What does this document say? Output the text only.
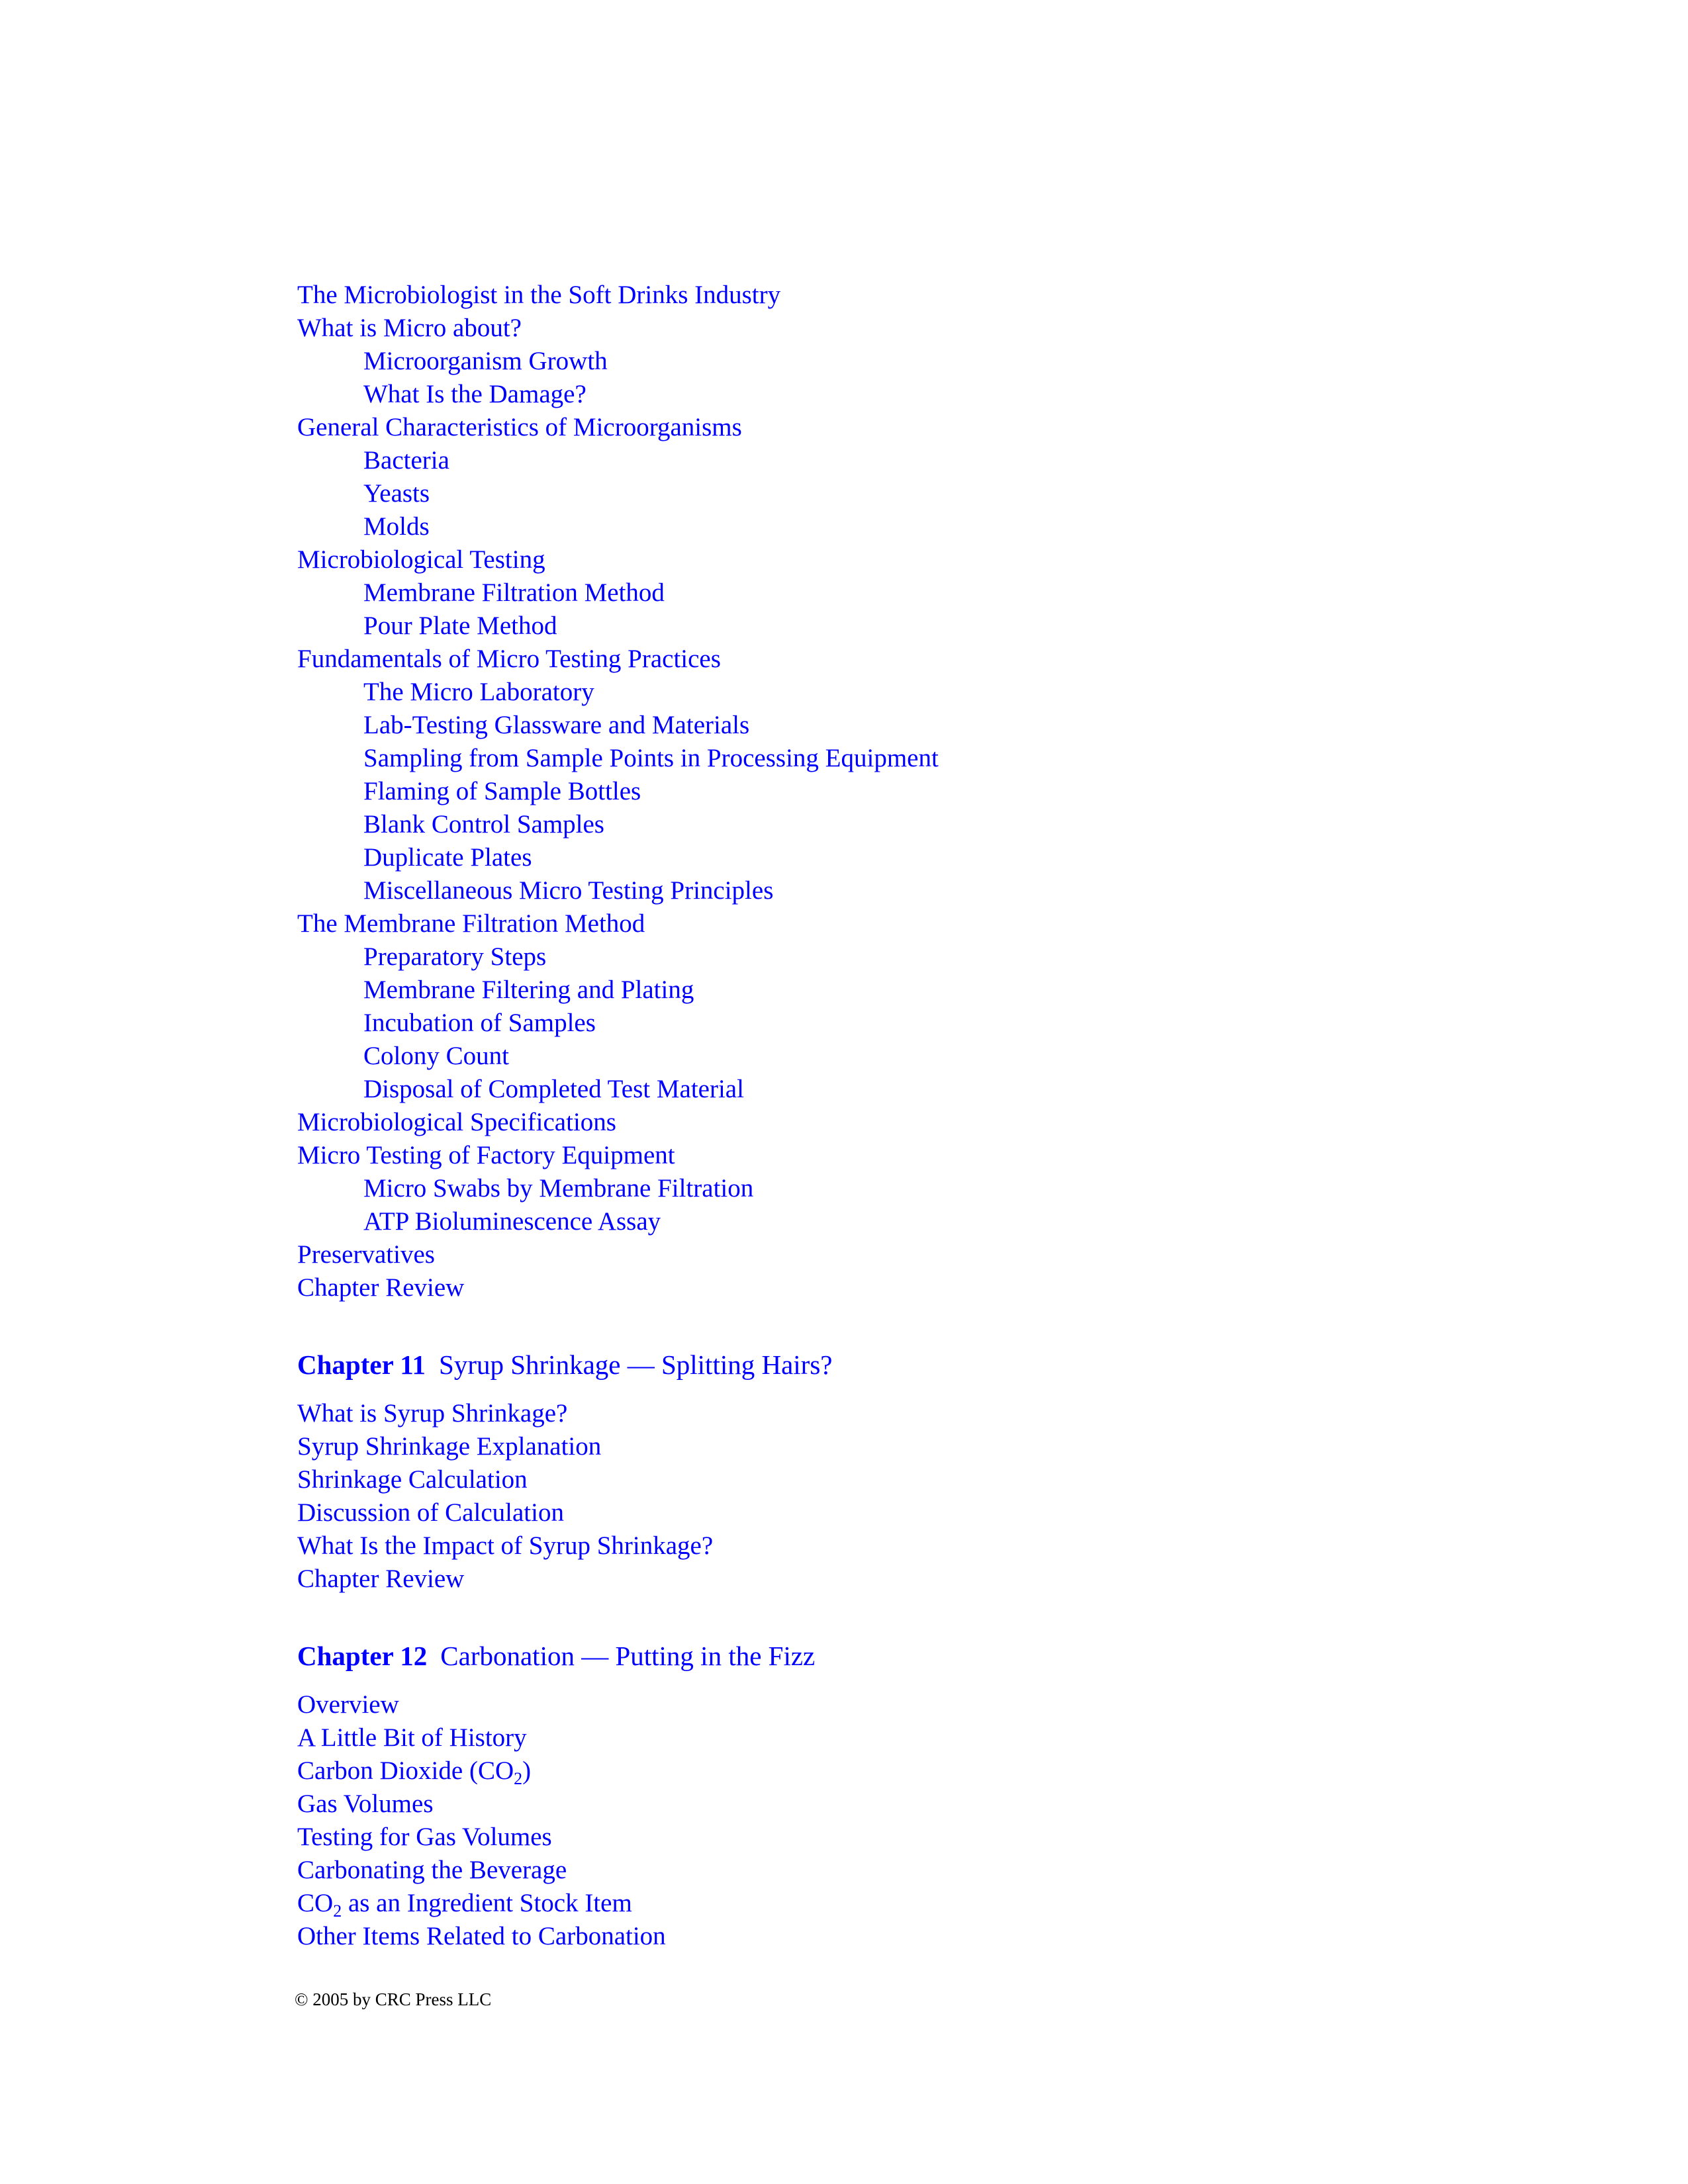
The Microbiologist in the Soft Drinks Industry
What is Micro about?
Microorganism Growth
What Is the Damage?
General Characteristics of Microorganisms
Bacteria
Yeasts
Molds
Microbiological Testing
Membrane Filtration Method
Pour Plate Method
Fundamentals of Micro Testing Practices
The Micro Laboratory
Lab-Testing Glassware and Materials
Sampling from Sample Points in Processing Equipment
Flaming of Sample Bottles
Blank Control Samples
Duplicate Plates
Miscellaneous Micro Testing Principles
The Membrane Filtration Method
Preparatory Steps
Membrane Filtering and Plating
Incubation of Samples
Colony Count
Disposal of Completed Test Material
Microbiological Specifications
Micro Testing of Factory Equipment
Micro Swabs by Membrane Filtration
ATP Bioluminescence Assay
Preservatives
Chapter Review
Chapter 11 Syrup Shrinkage — Splitting Hairs?
What is Syrup Shrinkage?
Syrup Shrinkage Explanation
Shrinkage Calculation
Discussion of Calculation
What Is the Impact of Syrup Shrinkage?
Chapter Review
Chapter 12 Carbonation — Putting in the Fizz
Overview
A Little Bit of History
Carbon Dioxide $(CO_2)$
Gas Volumes
Testing for Gas Volumes
Carbonating the Beverage
$CO_2$ as an Ingredient Stock Item
Other Items Related to Carbonation
© 2005 by CRC Press LLC
